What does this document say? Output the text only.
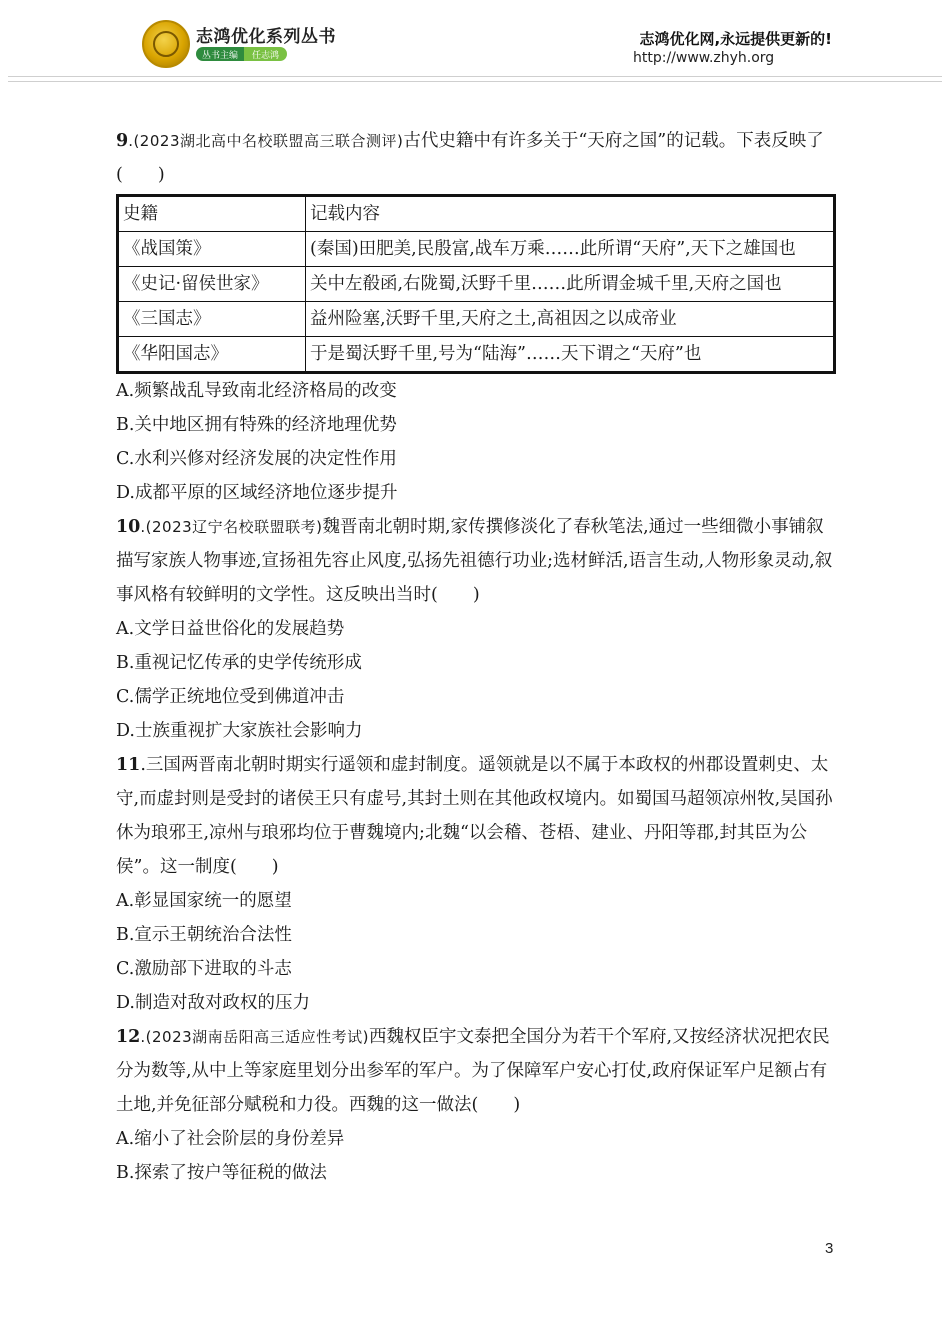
志鸿优化系列丛书
丛书主编	任志鸿
志鸿优化网,永远提供更新的!
http://www.zhyh.org

9.(2023湖北高中名校联盟高三联合测评)古代史籍中有许多关于“天府之国”的记载。下表反映了(　　)

史籍	记载内容
《战国策》	(秦国)田肥美,民殷富,战车万乘……此所谓“天府”,天下之雄国也
《史记·留侯世家》	关中左殽函,右陇蜀,沃野千里……此所谓金城千里,天府之国也
《三国志》	益州险塞,沃野千里,天府之土,高祖因之以成帝业
《华阳国志》	于是蜀沃野千里,号为“陆海”……天下谓之“天府”也

A.频繁战乱导致南北经济格局的改变

B.关中地区拥有特殊的经济地理优势

C.水利兴修对经济发展的决定性作用

D.成都平原的区域经济地位逐步提升

10.(2023辽宁名校联盟联考)魏晋南北朝时期,家传撰修淡化了春秋笔法,通过一些细微小事铺叙描写家族人物事迹,宣扬祖先容止风度,弘扬先祖德行功业;选材鲜活,语言生动,人物形象灵动,叙事风格有较鲜明的文学性。这反映出当时(　　)

A.文学日益世俗化的发展趋势

B.重视记忆传承的史学传统形成

C.儒学正统地位受到佛道冲击

D.士族重视扩大家族社会影响力

11.三国两晋南北朝时期实行遥领和虚封制度。遥领就是以不属于本政权的州郡设置刺史、太守,而虚封则是受封的诸侯王只有虚号,其封土则在其他政权境内。如蜀国马超领凉州牧,吴国孙休为琅邪王,凉州与琅邪均位于曹魏境内;北魏“以会稽、苍梧、建业、丹阳等郡,封其臣为公侯”。这一制度(　　)

A.彰显国家统一的愿望

B.宣示王朝统治合法性

C.激励部下进取的斗志

D.制造对敌对政权的压力

12.(2023湖南岳阳高三适应性考试)西魏权臣宇文泰把全国分为若干个军府,又按经济状况把农民分为数等,从中上等家庭里划分出参军的军户。为了保障军户安心打仗,政府保证军户足额占有土地,并免征部分赋税和力役。西魏的这一做法(　　)

A.缩小了社会阶层的身份差异

B.探索了按户等征税的做法

3
